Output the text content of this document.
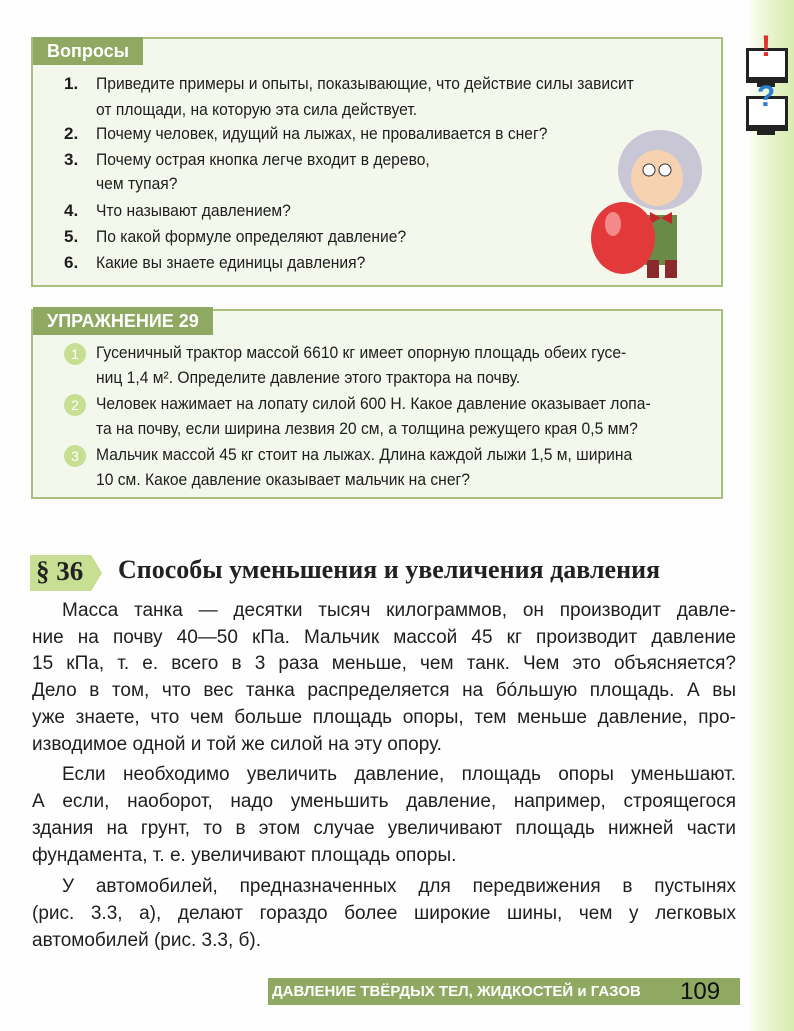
!
?
Вопросы
1. Приведите примеры и опыты, показывающие, что действие силы зависит
от площади, на которую эта сила действует.
2. Почему человек, идущий на лыжах, не проваливается в снег?
3. Почему острая кнопка легче входит в дерево,
чем тупая?
4. Что называют давлением?
5. По какой формуле определяют давление?
6. Какие вы знаете единицы давления?
УПРАЖНЕНИЕ 29
1	Гусеничный трактор массой 6610 кг имеет опорную площадь обеих гусе-
ниц 1,4 м². Определите давление этого трактора на почву.
2	Человек нажимает на лопату силой 600 Н. Какое давление оказывает лопа-
та на почву, если ширина лезвия 20 см, а толщина режущего края 0,5 мм?
3	Мальчик массой 45 кг стоит на лыжах. Длина каждой лыжи 1,5 м, ширина
10 см. Какое давление оказывает мальчик на снег?
§ 36 Способы уменьшения и увеличения давления
Масса танка — десятки тысяч килограммов, он производит давле-
ние на почву 40—50 кПа. Мальчик массой 45 кг производит давление
15 кПа, т. е. всего в 3 раза меньше, чем танк. Чем это объясняется?
Дело в том, что вес танка распределяется на бóльшую площадь. А вы
уже знаете, что чем больше площадь опоры, тем меньше давление, про-
изводимое одной и той же силой на эту опору.
Если необходимо увеличить давление, площадь опоры уменьшают.
А если, наоборот, надо уменьшить давление, например, строящегося
здания на грунт, то в этом случае увеличивают площадь нижней части
фундамента, т. е. увеличивают площадь опоры.
У автомобилей, предназначенных для передвижения в пустынях
(рис. 3.3, а), делают гораздо более широкие шины, чем у легковых
автомобилей (рис. 3.3, б).
ДАВЛЕНИЕ ТВЁРДЫХ ТЕЛ, ЖИДКОСТЕЙ и ГАЗОВ 109
